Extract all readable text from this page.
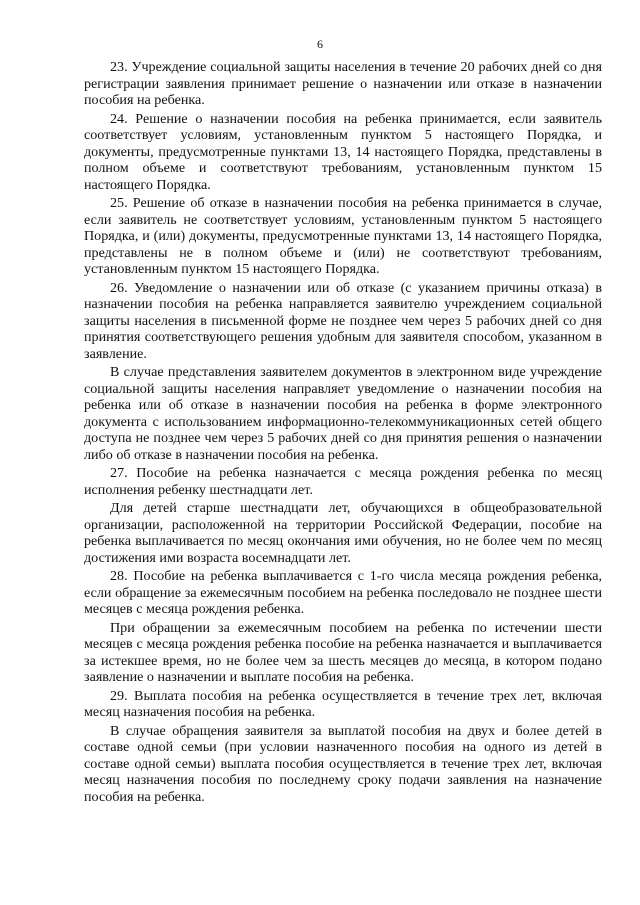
6

23. Учреждение социальной защиты населения в течение 20 рабочих дней со дня регистрации заявления принимает решение о назначении или отказе в назначении пособия на ребенка.

24. Решение о назначении пособия на ребенка принимается, если заявитель соответствует условиям, установленным пунктом 5 настоящего Порядка, и документы, предусмотренные пунктами 13, 14 настоящего Порядка, представлены в полном объеме и соответствуют требованиям, установленным пунктом 15 настоящего Порядка.

25. Решение об отказе в назначении пособия на ребенка принимается в случае, если заявитель не соответствует условиям, установленным пунктом 5 настоящего Порядка, и (или) документы, предусмотренные пунктами 13, 14 настоящего Порядка, представлены не в полном объеме и (или) не соответствуют требованиям, установленным пунктом 15 настоящего Порядка.

26. Уведомление о назначении или об отказе (с указанием причины отказа) в назначении пособия на ребенка направляется заявителю учреждением социальной защиты населения в письменной форме не позднее чем через 5 рабочих дней со дня принятия соответствующего решения удобным для заявителя способом, указанном в заявление.

В случае представления заявителем документов в электронном виде учреждение социальной защиты населения направляет уведомление о назначении пособия на ребенка или об отказе в назначении пособия на ребенка в форме электронного документа с использованием информационно-телекоммуникационных сетей общего доступа не позднее чем через 5 рабочих дней со дня принятия решения о назначении либо об отказе в назначении пособия на ребенка.

27. Пособие на ребенка назначается с месяца рождения ребенка по месяц исполнения ребенку шестнадцати лет.

Для детей старше шестнадцати лет, обучающихся в общеобразовательной организации, расположенной на территории Российской Федерации, пособие на ребенка выплачивается по месяц окончания ими обучения, но не более чем по месяц достижения ими возраста восемнадцати лет.

28. Пособие на ребенка выплачивается с 1-го числа месяца рождения ребенка, если обращение за ежемесячным пособием на ребенка последовало не позднее шести месяцев с месяца рождения ребенка.

При обращении за ежемесячным пособием на ребенка по истечении шести месяцев с месяца рождения ребенка пособие на ребенка назначается и выплачивается за истекшее время, но не более чем за шесть месяцев до месяца, в котором подано заявление о назначении и выплате пособия на ребенка.

29. Выплата пособия на ребенка осуществляется в течение трех лет, включая месяц назначения пособия на ребенка.

В случае обращения заявителя за выплатой пособия на двух и более детей в составе одной семьи (при условии назначенного пособия на одного из детей в составе одной семьи) выплата пособия осуществляется в течение трех лет, включая месяц назначения пособия по последнему сроку подачи заявления на назначение пособия на ребенка.
